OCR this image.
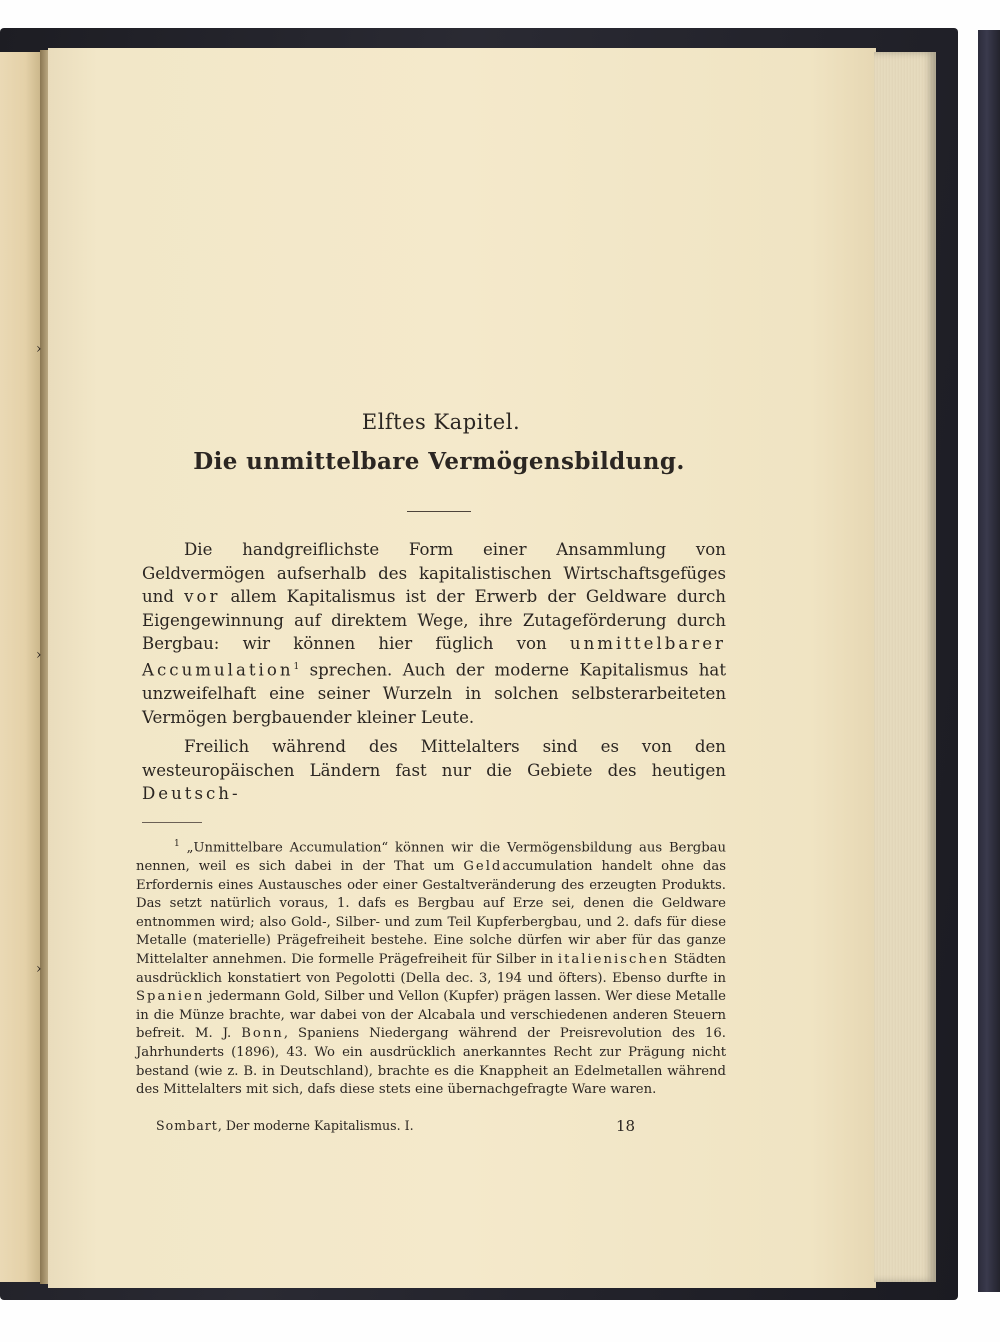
›
›
›

Elftes Kapitel.

Die unmittelbare Vermögensbildung.

Die handgreiflichste Form einer Ansammlung von Geldvermögen aufserhalb des kapitalistischen Wirtschaftsgefüges und vor allem Kapitalismus ist der Erwerb der Geldware durch Eigengewinnung auf direktem Wege, ihre Zutageförderung durch Bergbau: wir können hier füglich von unmittelbarer Accumulation$^1$ sprechen. Auch der moderne Kapitalismus hat unzweifelhaft eine seiner Wurzeln in solchen selbsterarbeiteten Vermögen bergbauender kleiner Leute.

Freilich während des Mittelalters sind es von den westeuropäischen Ländern fast nur die Gebiete des heutigen Deutsch-

$^1$ „Unmittelbare Accumulation“ können wir die Vermögensbildung aus Bergbau nennen, weil es sich dabei in der That um Geldaccumulation handelt ohne das Erfordernis eines Austausches oder einer Gestaltveränderung des erzeugten Produkts. Das setzt natürlich voraus, 1. dafs es Bergbau auf Erze sei, denen die Geldware entnommen wird; also Gold-, Silber- und zum Teil Kupferbergbau, und 2. dafs für diese Metalle (materielle) Prägefreiheit bestehe. Eine solche dürfen wir aber für das ganze Mittelalter annehmen. Die formelle Prägefreiheit für Silber in italienischen Städten ausdrücklich konstatiert von Pegolotti (Della dec. 3, 194 und öfters). Ebenso durfte in Spanien jedermann Gold, Silber und Vellon (Kupfer) prägen lassen. Wer diese Metalle in die Münze brachte, war dabei von der Alcabala und verschiedenen anderen Steuern befreit. M. J. Bonn, Spaniens Niedergang während der Preisrevolution des 16. Jahrhunderts (1896), 43. Wo ein ausdrücklich anerkanntes Recht zur Prägung nicht bestand (wie z. B. in Deutschland), brachte es die Knappheit an Edelmetallen während des Mittelalters mit sich, dafs diese stets eine übernachgefragte Ware waren.

Sombart, Der moderne Kapitalismus. I.	18
